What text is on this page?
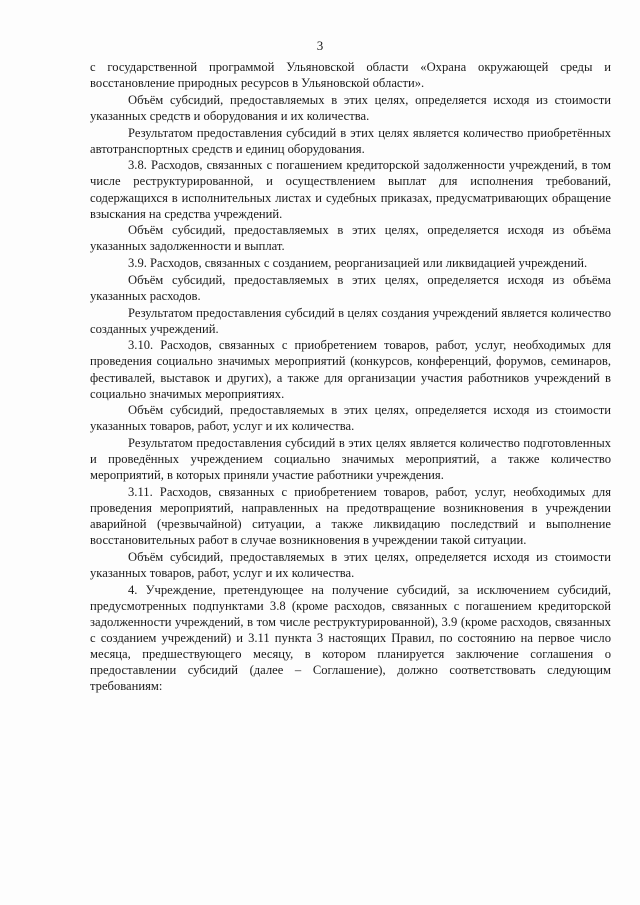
3

с государственной программой Ульяновской области «Охрана окружающей среды и восстановление природных ресурсов в Ульяновской области».

Объём субсидий, предоставляемых в этих целях, определяется исходя из стоимости указанных средств и оборудования и их количества.

Результатом предоставления субсидий в этих целях является количество приобретённых автотранспортных средств и единиц оборудования.

3.8. Расходов, связанных с погашением кредиторской задолженности учреждений, в том числе реструктурированной, и осуществлением выплат для исполнения требований, содержащихся в исполнительных листах и судебных приказах, предусматривающих обращение взыскания на средства учреждений.

Объём субсидий, предоставляемых в этих целях, определяется исходя из объёма указанных задолженности и выплат.

3.9. Расходов, связанных с созданием, реорганизацией или ликвидацией учреждений.

Объём субсидий, предоставляемых в этих целях, определяется исходя из объёма указанных расходов.

Результатом предоставления субсидий в целях создания учреждений является количество созданных учреждений.

3.10. Расходов, связанных с приобретением товаров, работ, услуг, необходимых для проведения социально значимых мероприятий (конкурсов, конференций, форумов, семинаров, фестивалей, выставок и других), а также для организации участия работников учреждений в социально значимых мероприятиях.

Объём субсидий, предоставляемых в этих целях, определяется исходя из стоимости указанных товаров, работ, услуг и их количества.

Результатом предоставления субсидий в этих целях является количество подготовленных и проведённых учреждением социально значимых мероприятий, а также количество мероприятий, в которых приняли участие работники учреждения.

3.11. Расходов, связанных с приобретением товаров, работ, услуг, необходимых для проведения мероприятий, направленных на предотвращение возникновения в учреждении аварийной (чрезвычайной) ситуации, а также ликвидацию последствий и выполнение восстановительных работ в случае возникновения в учреждении такой ситуации.

Объём субсидий, предоставляемых в этих целях, определяется исходя из стоимости указанных товаров, работ, услуг и их количества.

4. Учреждение, претендующее на получение субсидий, за исключением субсидий, предусмотренных подпунктами 3.8 (кроме расходов, связанных с погашением кредиторской задолженности учреждений, в том числе реструктурированной), 3.9 (кроме расходов, связанных с созданием учреждений) и 3.11 пункта 3 настоящих Правил, по состоянию на первое число месяца, предшествующего месяцу, в котором планируется заключение соглашения о предоставлении субсидий (далее – Соглашение), должно соответствовать следующим требованиям:
